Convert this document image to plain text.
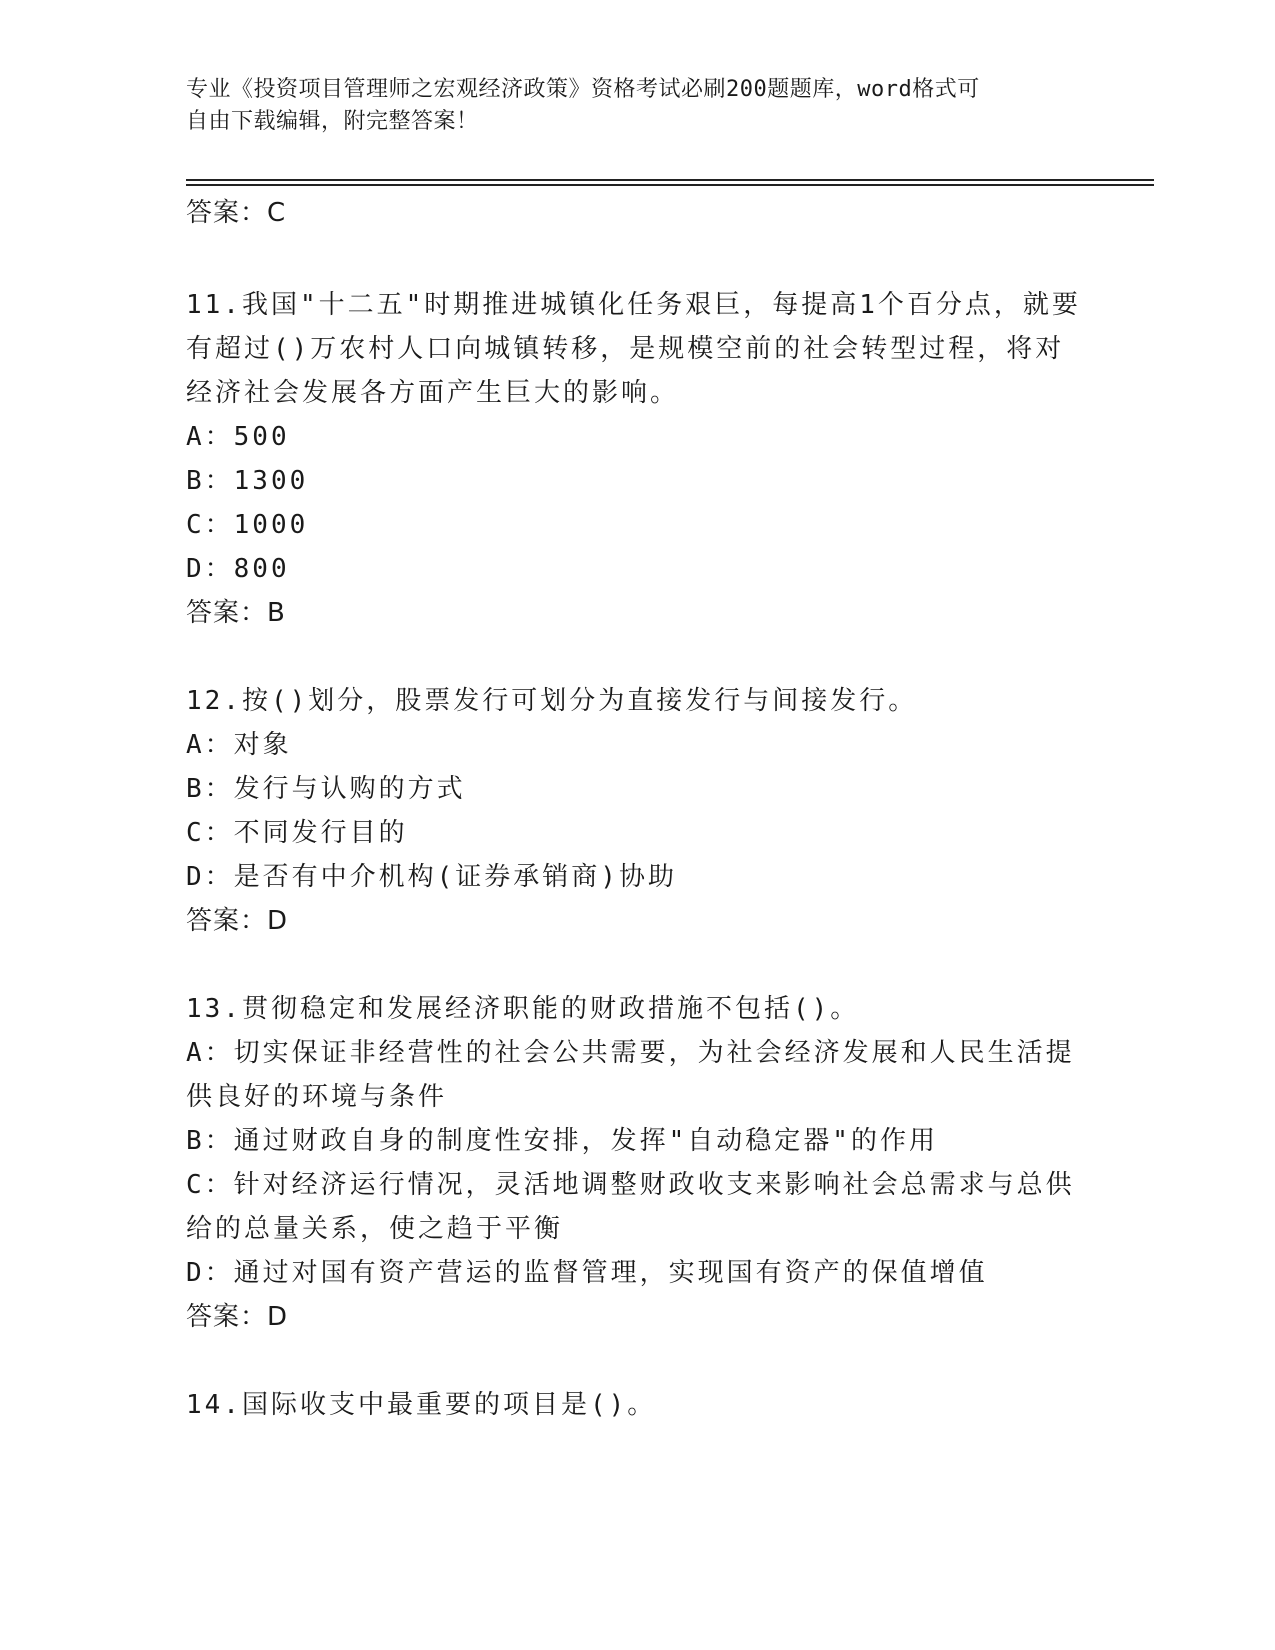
专业《投资项目管理师之宏观经济政策》资格考试必刷200题题库，word格式可
自由下载编辑，附完整答案！
答案：C
11.我国"十二五"时期推进城镇化任务艰巨，每提高1个百分点，就要
有超过()万农村人口向城镇转移，是规模空前的社会转型过程，将对
经济社会发展各方面产生巨大的影响。
A：500
B：1300
C：1000
D：800
答案：B
12.按()划分，股票发行可划分为直接发行与间接发行。
A：对象
B：发行与认购的方式
C：不同发行目的
D：是否有中介机构(证券承销商)协助
答案：D
13.贯彻稳定和发展经济职能的财政措施不包括()。
A：切实保证非经营性的社会公共需要，为社会经济发展和人民生活提
供良好的环境与条件
B：通过财政自身的制度性安排，发挥"自动稳定器"的作用
C：针对经济运行情况，灵活地调整财政收支来影响社会总需求与总供
给的总量关系，使之趋于平衡
D：通过对国有资产营运的监督管理，实现国有资产的保值增值
答案：D
14.国际收支中最重要的项目是()。
